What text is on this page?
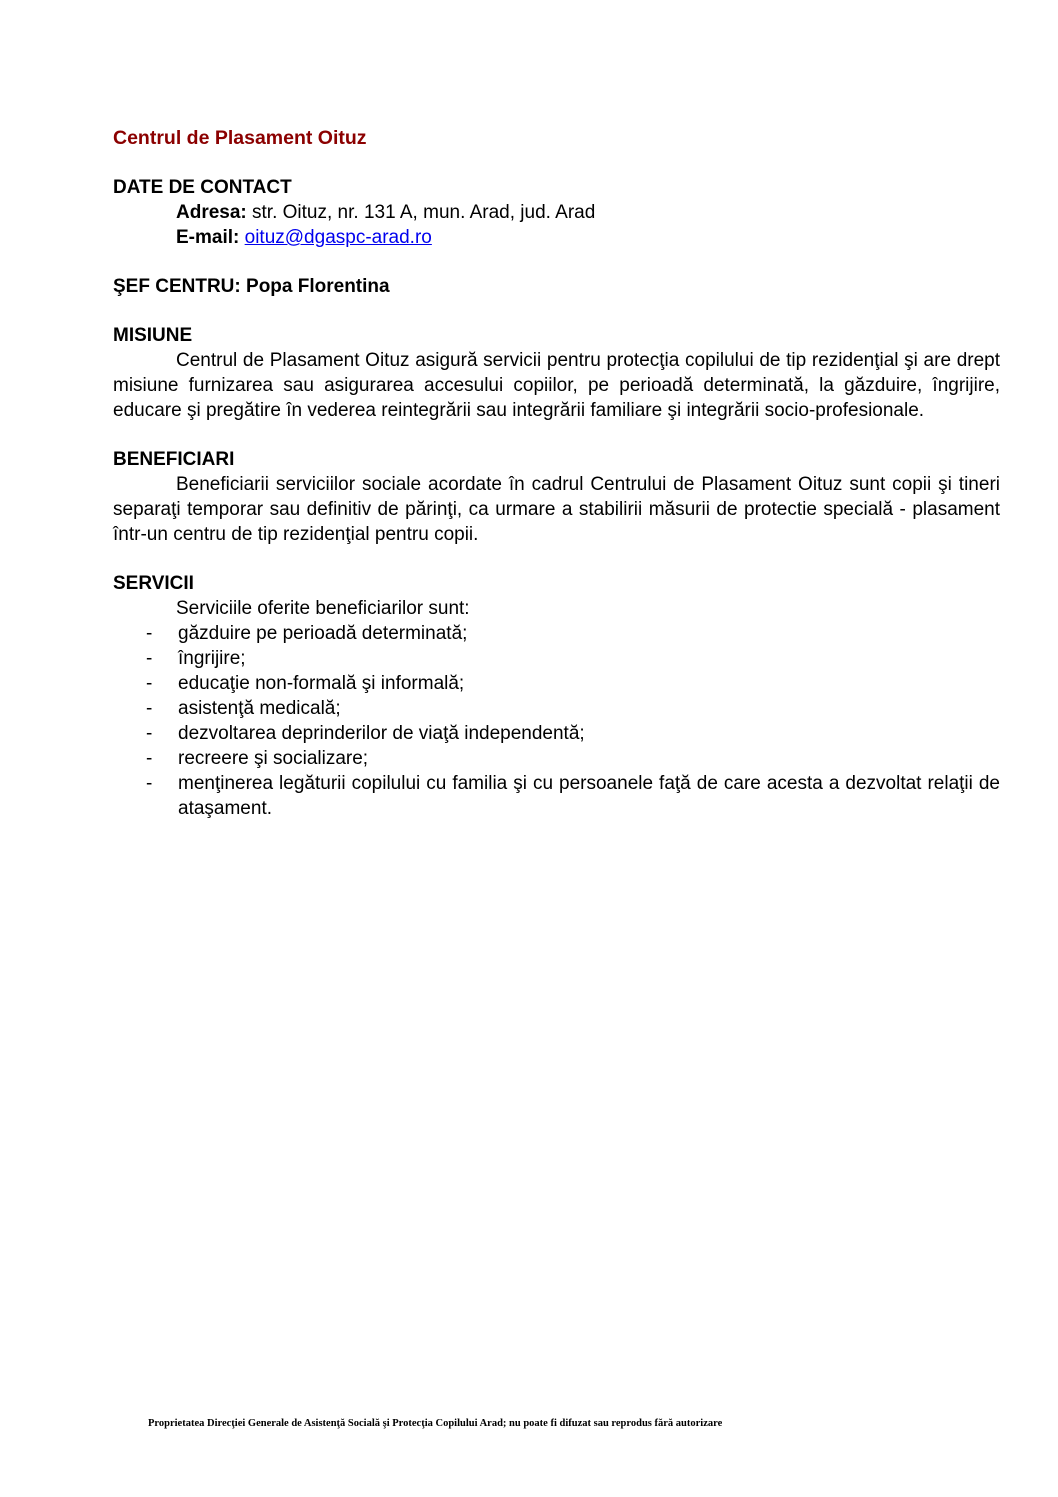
Centrul de Plasament Oituz
DATE DE CONTACT

Adresa: str. Oituz, nr. 131 A, mun. Arad, jud. Arad

E-mail: oituz@dgaspc-arad.ro

ŞEF CENTRU: Popa Florentina

MISIUNE

Centrul de Plasament Oituz asigură servicii pentru protecţia copilului de tip rezidenţial şi are drept misiune furnizarea sau asigurarea accesului copiilor, pe perioadă determinată, la găzduire, îngrijire, educare şi pregătire în vederea reintegrării sau integrării familiare şi integrării socio-profesionale.

BENEFICIARI

Beneficiarii serviciilor sociale acordate în cadrul Centrului de Plasament Oituz sunt copii şi tineri separaţi temporar sau definitiv de părinţi, ca urmare a stabilirii măsurii de protectie specială - plasament într-un centru de tip rezidenţial pentru copii.

SERVICII

Serviciile oferite beneficiarilor sunt:

- găzduire pe perioadă determinată;
- îngrijire;
- educaţie non-formală şi informală;
- asistenţă medicală;
- dezvoltarea deprinderilor de viaţă independentă;
- recreere şi socializare;
- menţinerea legăturii copilului cu familia şi cu persoanele faţă de care acesta a dezvoltat relaţii de ataşament.
Proprietatea Direcţiei Generale de Asistenţă Socială şi Protecţia Copilului Arad; nu poate fi difuzat sau reprodus fără autorizare
